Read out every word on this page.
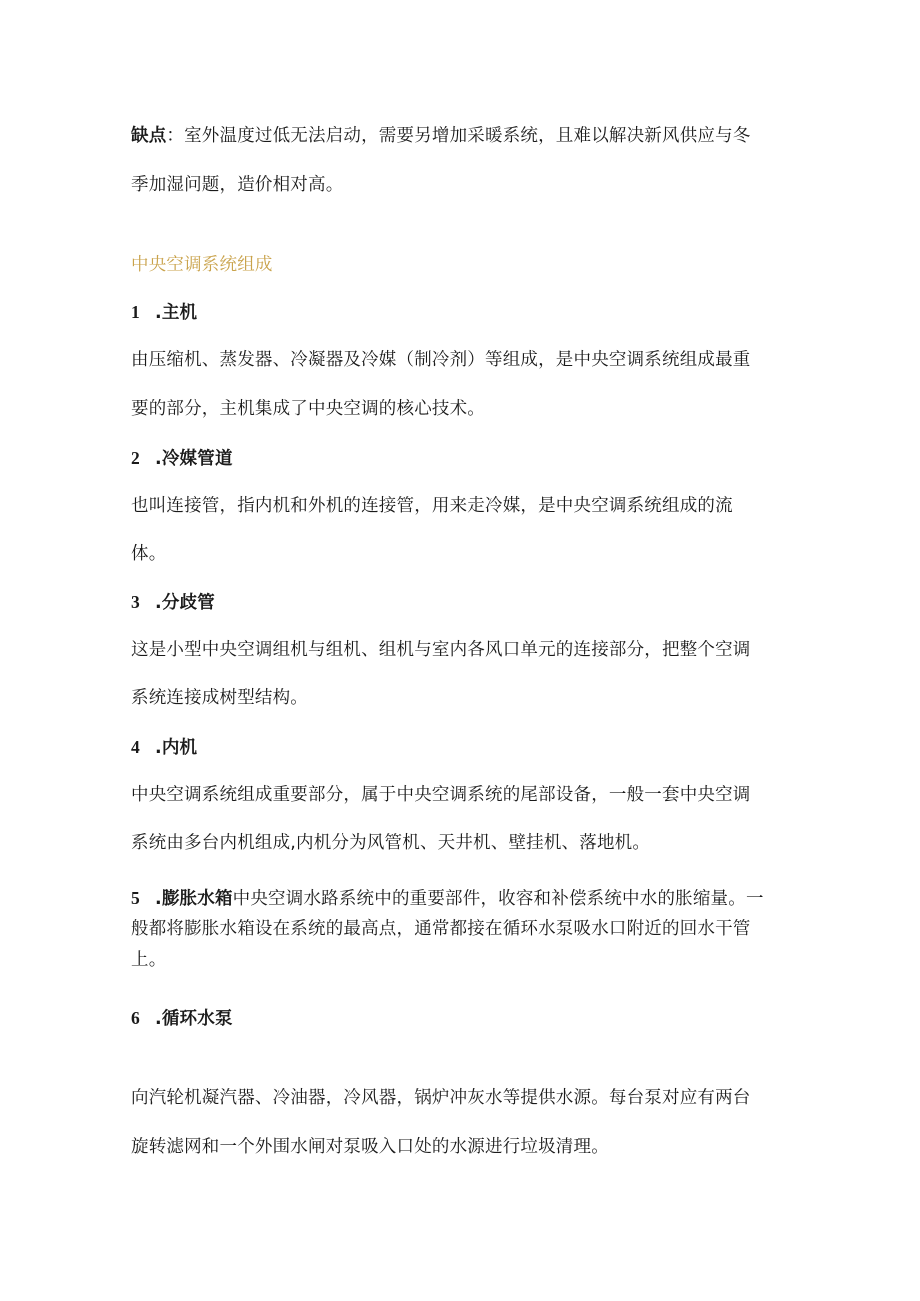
缺点：室外温度过低无法启动，需要另增加采暖系统，且难以解决新风供应与冬
季加湿问题，造价相对高。
中央空调系统组成
1 .主机
由压缩机、蒸发器、冷凝器及冷媒（制冷剂）等组成，是中央空调系统组成最重
要的部分，主机集成了中央空调的核心技术。
2 .冷媒管道
也叫连接管，指内机和外机的连接管，用来走冷媒，是中央空调系统组成的流
体。
3 .分歧管
这是小型中央空调组机与组机、组机与室内各风口单元的连接部分，把整个空调
系统连接成树型结构。
4 .内机
中央空调系统组成重要部分，属于中央空调系统的尾部设备，一般一套中央空调
系统由多台内机组成,内机分为风管机、天井机、壁挂机、落地机。
5 .膨胀水箱中央空调水路系统中的重要部件，收容和补偿系统中水的胀缩量。一
般都将膨胀水箱设在系统的最高点，通常都接在循环水泵吸水口附近的回水干管
上。
6 .循环水泵
向汽轮机凝汽器、冷油器，冷风器，锅炉冲灰水等提供水源。每台泵对应有两台
旋转滤网和一个外围水闸对泵吸入口处的水源进行垃圾清理。
